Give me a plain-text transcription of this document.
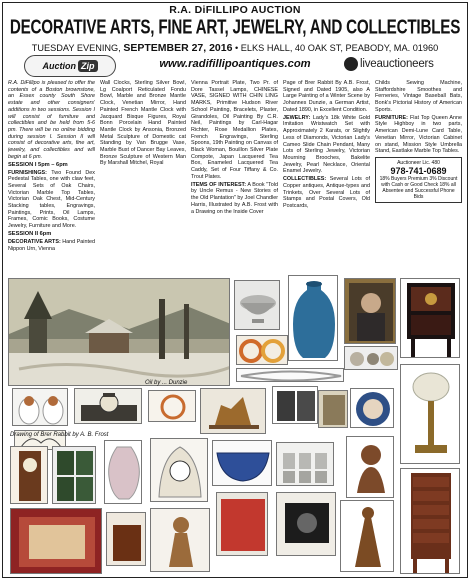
R.A. DiFILLIPO AUCTION
DECORATIVE ARTS, FINE ART, JEWELRY, AND COLLECTIBLES
TUESDAY EVENING, SEPTEMBER 27, 2016 • ELKS HALL, 40 OAK ST, PEABODY, MA. 01960
Auction Zip	www.radifillipoantiques.com	liveauctioneers

R.A. DiFillipo is pleased to offer the contents of a Boston brownstone, an Essex county South Shore estate and other consigners' additions in two sessions. Session I will consist of furniture and collectibles and be held from 5-6 pm. There will be no online bidding during session I. Session II will consist of decorative arts, fine art, jewelry, and collectibles and will begin at 6 pm.

SESSION I 5pm – 6pm

FURNISHINGS: Two Found Dex Pedestal Tables, one with claw feet, Several Sets of Oak Chairs, Victorian Marble Top Tables, Victorian Oak Chest, Mid-Century Stacking tables, Engravings, Paintings, Prints, Oil Lamps, Frames, Comic Books, Costume Jewelry, Furniture and More.

SESSION II 6pm

DECORATIVE ARTS: Hand Painted Nippon Urn, Vienna

Wall Clocks, Sterling Silver Bowl, Lg Coalport Reticulated Fondu Bowl, Marble and Bronze Mantle Clock, Venetian Mirror, Hand Painted French Mantle Clock with Jacquard Bisque Figures, Royal Bonn Porcelain Hand Painted Mantle Clock by Ansonia, Bronzed Metal Sculpture of Domestic cat Standing by Van Brugge Vase, Marble Bust of Dancer Bay Leaves, Bronze Sculpture of Western Man By Marshall Mitchel, Royal

Vienna Portrait Plate, Two Pr. of Dore Tassel Lamps, CHINESE VASE, SIGNED WITH CHIN LING MARKS, Primitive Hudson River School Painting, Bracelets, Plaster, Girandoles, Oil Painting By C.R. Neil, Paintings by Carl-Hagar Richter, Rose Medallion Plates, French Engravings, Sterling Spoons, 19th Painting on Canvas of Black Woman, Bouillon Silver Plate Compote, Japan Lacquered Tea Box, Enameled Lacquered Tea Caddy, Set of Four Tiffany & Co. Trout Plates.

ITEMS OF INTEREST: A Book "Told by Uncle Remus - New Stories of the Old Plantation" by Joel Chandler Harris, Illustrated by A.B. Frost with a Drawing on the Inside Cover

Page of Brer Rabbit By A.B. Frost, Signed and Dated 1905, also A Large Painting of a Winter Scene by Johannes Dunzie, a German Artist, Dated 1890, in Excellent Condition.

JEWELRY: Lady's 18k White Gold Imitation Wristwatch Set with Approximately 2 Karats, or Slightly Less of Diamonds, Victorian Lady's Cameo Slide Chain Pendant, Many Lots of Sterling Jewelry, Victorian Mourning Brooches, Bakelite Jewelry, Pearl Necklace, Oriental Enamel Jewelry.

COLLECTIBLES: Several Lots of Copper antiques, Antique-types and Trinkets, Over Several Lots of Stamps and Postal Covers, Old Postcards,

Childs Sewing Machine, Staffordshire Smoothes and Ferneries, Vintage Baseball Bats, Bonk's Pictorial History of American Sports.

FURNITURE: Flat Top Queen Anne Style Highboy in two parts, American Demi-Lune Card Table, Venetian Mirror, Victorian Cabinet on stand, Mission Style Umbrella Stand, Eastlake Marble Top Tables.

Auctioneer Lic. 480
978-741-0689
18% Buyers Premium 3% Discount with Cash or Good Check 18% all Absentee and Successful Phone Bids
Oil by ... Dunzie
Drawing of Brer Rabbit by A. B. Frost
